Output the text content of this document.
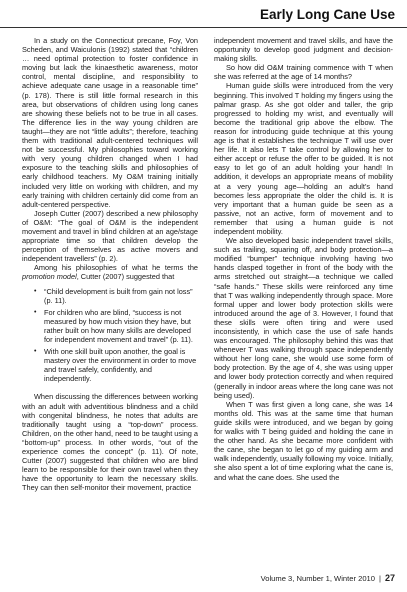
Early Long Cane Use

In a study on the Connecticut precane, Foy, Von Scheden, and Waiculonis (1992) stated that “children … need optimal protection to foster confidence in moving but lack the kinaesthetic awareness, motor control, mental discipline, and responsibility to achieve adequate cane usage in a reasonable time” (p. 178). There is still little formal research in this area, but observations of children using long canes are showing these beliefs not to be true in all cases. The difference lies in the way young children are taught—they are not “little adults”; therefore, teaching them with traditional adult-centered techniques will not be successful. My philosophies toward working with very young children changed when I had exposure to the teaching skills and philosophies of early childhood teachers. My O&M training initially included very little on working with children, and my early training with children certainly did come from an adult-centered perspective.

Joseph Cutter (2007) described a new philosophy of O&M: “The goal of O&M is the independent movement and travel in blind children at an age/stage appropriate time so that children develop the perception of themselves as active movers and independent travellers” (p. 2).

Among his philosophies of what he terms the promotion model, Cutter (2007) suggested that

• “Child development is built from gain not loss” (p. 11).
• For children who are blind, “success is not measured by how much vision they have, but rather built on how many skills are developed for independent movement and travel” (p. 11).
• With one skill built upon another, the goal is mastery over the environment in order to move and travel safely, confidently, and independently.

When discussing the differences between working with an adult with adventitious blindness and a child with congenital blindness, he notes that adults are traditionally taught using a “top-down” process. Children, on the other hand, need to be taught using a “bottom-up” process. In other words, “out of the experience comes the concept” (p. 11). Of note, Cutter (2007) suggested that children who are blind learn to be responsible for their own travel when they have the opportunity to learn the necessary skills. They can then self-monitor their movement, practice

independent movement and travel skills, and have the opportunity to develop good judgment and decision-making skills.

So how did O&M training commence with T when she was referred at the age of 14 months?

Human guide skills were introduced from the very beginning. This involved T holding my fingers using the palmar grasp. As she got older and taller, the grip progressed to holding my wrist, and eventually will become the traditional grip above the elbow. The reason for introducing guide technique at this young age is that it establishes the technique T will use over her life. It also lets T take control by allowing her to either accept or refuse the offer to be guided. It is not easy to let go of an adult holding your hand! In addition, it develops an appropriate means of mobility at a very young age—holding an adult’s hand becomes less appropriate the older the child is. It is very important that a human guide be seen as a passive, not an active, form of movement and to remember that using a human guide is not independent mobility.

We also developed basic independent travel skills, such as trailing, squaring off, and body protection—a modified “bumper” technique involving having two hands clasped together in front of the body with the arms stretched out straight—a technique we called “safe hands.” These skills were reinforced any time that T was walking independently through space. More formal upper and lower body protection skills were introduced around the age of 3. However, I found that these skills were often tiring and were used inconsistently, in which case the use of safe hands was encouraged. The philosophy behind this was that whenever T was walking through space independently without her long cane, she would use some form of body protection. By the age of 4, she was using upper and lower body protection correctly and when required (generally in indoor areas where the long cane was not being used).

When T was first given a long cane, she was 14 months old. This was at the same time that human guide skills were introduced, and we began by going for walks with T being guided and holding the cane in the other hand. As she became more confident with the cane, she began to let go of my guiding arm and walk independently, usually following my voice. Initially, she also spent a lot of time exploring what the cane is, and what the cane does. She used the

Volume 3, Number 1, Winter 2010 | 27
